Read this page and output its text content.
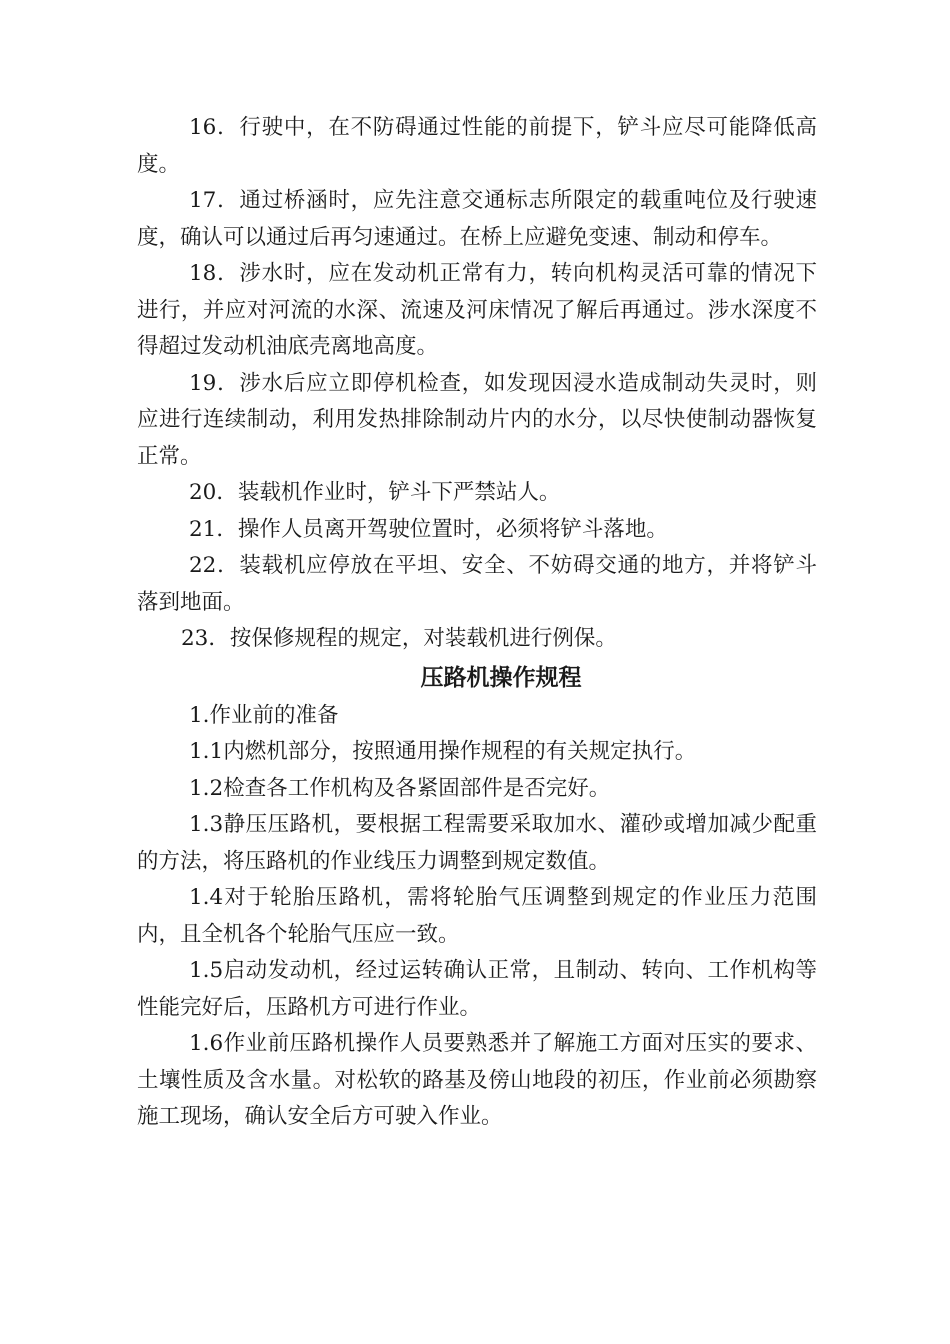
16．行驶中，在不防碍通过性能的前提下，铲斗应尽可能降低高度。

17．通过桥涵时，应先注意交通标志所限定的载重吨位及行驶速度，确认可以通过后再匀速通过。在桥上应避免变速、制动和停车。

18．涉水时，应在发动机正常有力，转向机构灵活可靠的情况下进行，并应对河流的水深、流速及河床情况了解后再通过。涉水深度不得超过发动机油底壳离地高度。

19．涉水后应立即停机检查，如发现因浸水造成制动失灵时，则应进行连续制动，利用发热排除制动片内的水分，以尽快使制动器恢复正常。

20．装载机作业时，铲斗下严禁站人。

21．操作人员离开驾驶位置时，必须将铲斗落地。

22．装载机应停放在平坦、安全、不妨碍交通的地方，并将铲斗落到地面。

23．按保修规程的规定，对装载机进行例保。

压路机操作规程

1.作业前的准备

1.1内燃机部分，按照通用操作规程的有关规定执行。

1.2检查各工作机构及各紧固部件是否完好。

1.3静压压路机，要根据工程需要采取加水、灌砂或增加减少配重的方法，将压路机的作业线压力调整到规定数值。

1.4对于轮胎压路机，需将轮胎气压调整到规定的作业压力范围内，且全机各个轮胎气压应一致。

1.5启动发动机，经过运转确认正常，且制动、转向、工作机构等性能完好后，压路机方可进行作业。

1.6作业前压路机操作人员要熟悉并了解施工方面对压实的要求、土壤性质及含水量。对松软的路基及傍山地段的初压，作业前必须勘察施工现场，确认安全后方可驶入作业。
